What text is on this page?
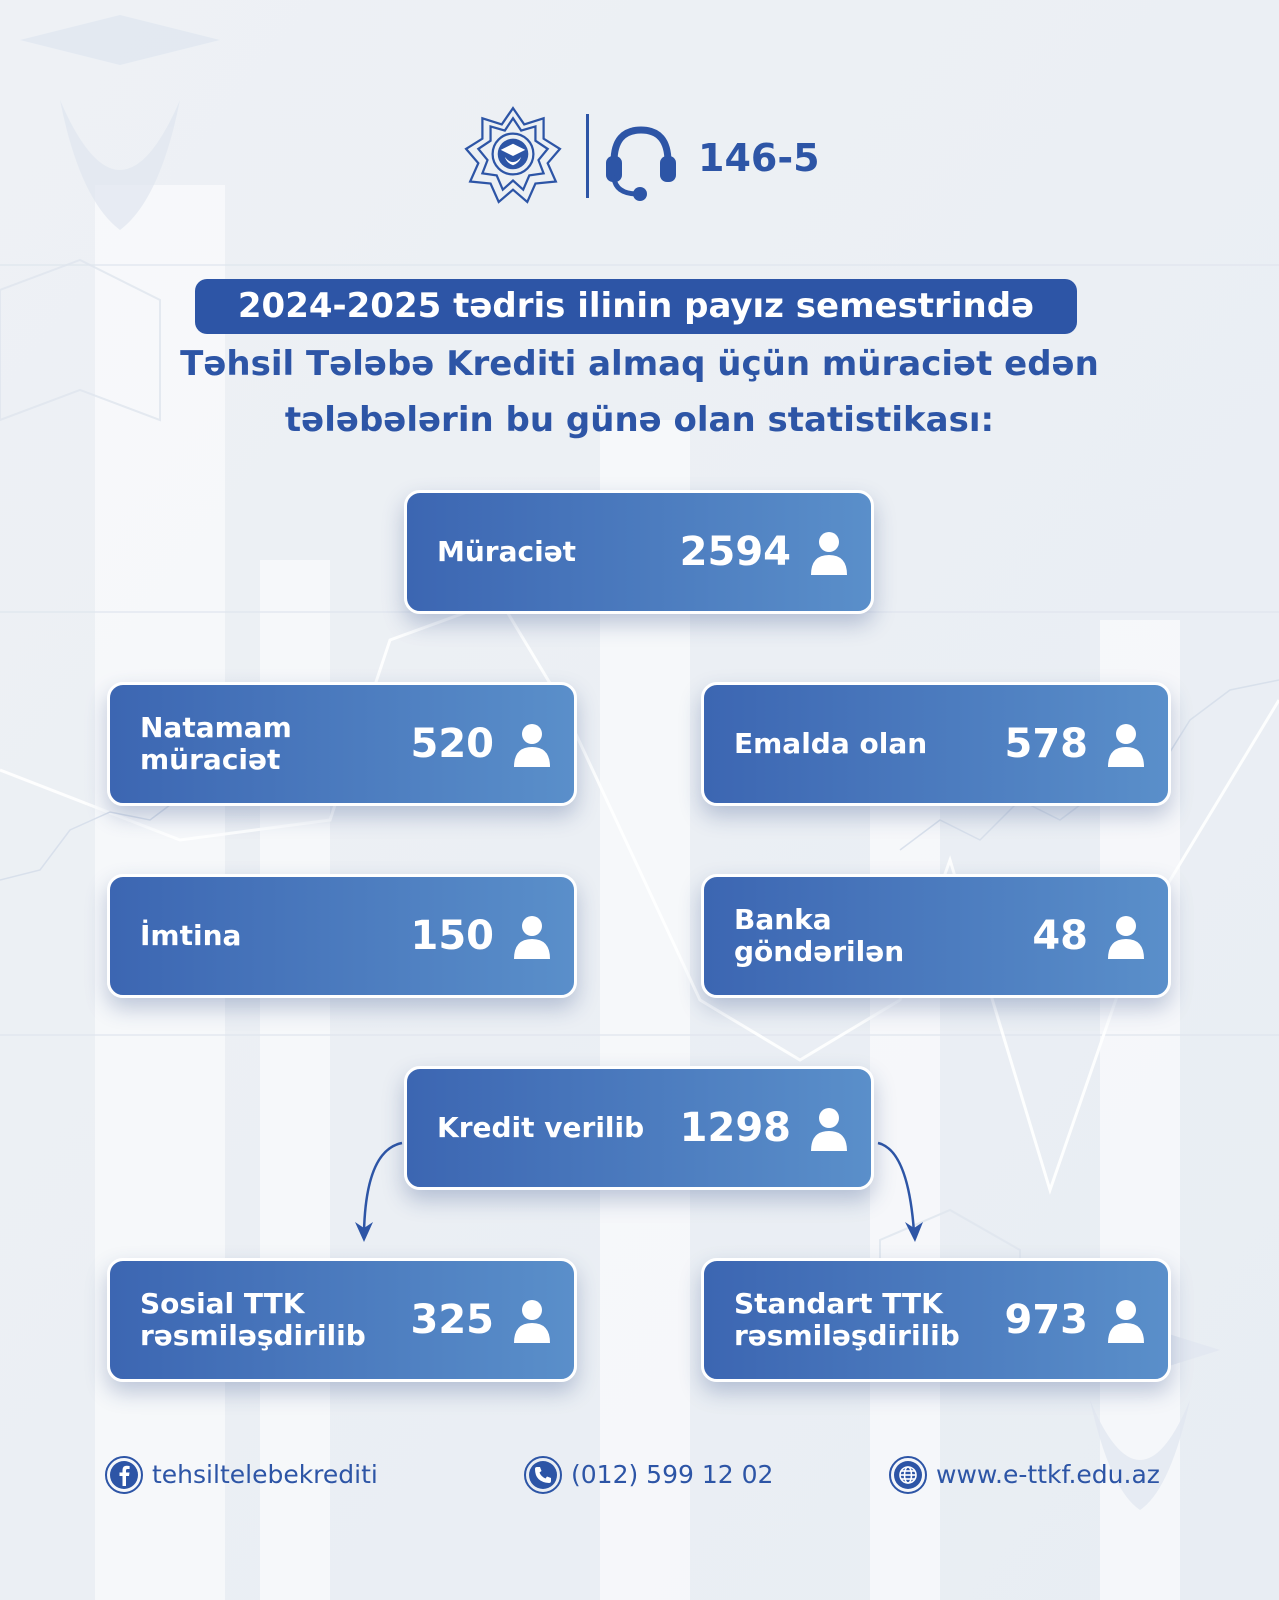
146-5
2024-2025 tədris ilinin payız semestrində
Təhsil Tələbə Krediti almaq üçün müraciət edən
tələbələrin bu günə olan statistikası:
Müraciət	2594
Natamam müraciət	520	Emalda olan	578
İmtina	150	Banka göndərilən	48
Kredit verilib 1298
Sosial TTK rəsmiləşdirilib	325	Standart TTK rəsmiləşdirilib	973
tehsiltelebekrediti	(012) 599 12 02	www.e-ttkf.edu.az
